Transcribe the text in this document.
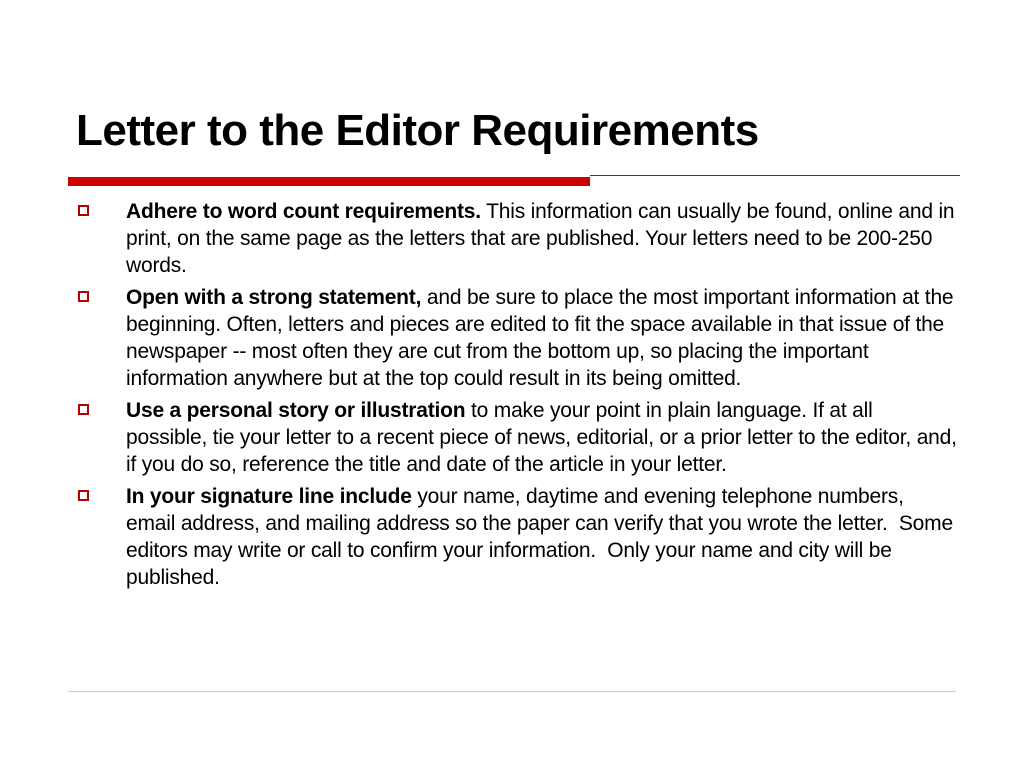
Letter to the Editor Requirements
Adhere to word count requirements. This information can usually be found, online and in print, on the same page as the letters that are published. Your letters need to be 200-250 words.
Open with a strong statement, and be sure to place the most important information at the beginning. Often, letters and pieces are edited to fit the space available in that issue of the newspaper -- most often they are cut from the bottom up, so placing the important information anywhere but at the top could result in its being omitted.
Use a personal story or illustration to make your point in plain language. If at all possible, tie your letter to a recent piece of news, editorial, or a prior letter to the editor, and, if you do so, reference the title and date of the article in your letter.
In your signature line include your name, daytime and evening telephone numbers, email address, and mailing address so the paper can verify that you wrote the letter.  Some editors may write or call to confirm your information.  Only your name and city will be published.
